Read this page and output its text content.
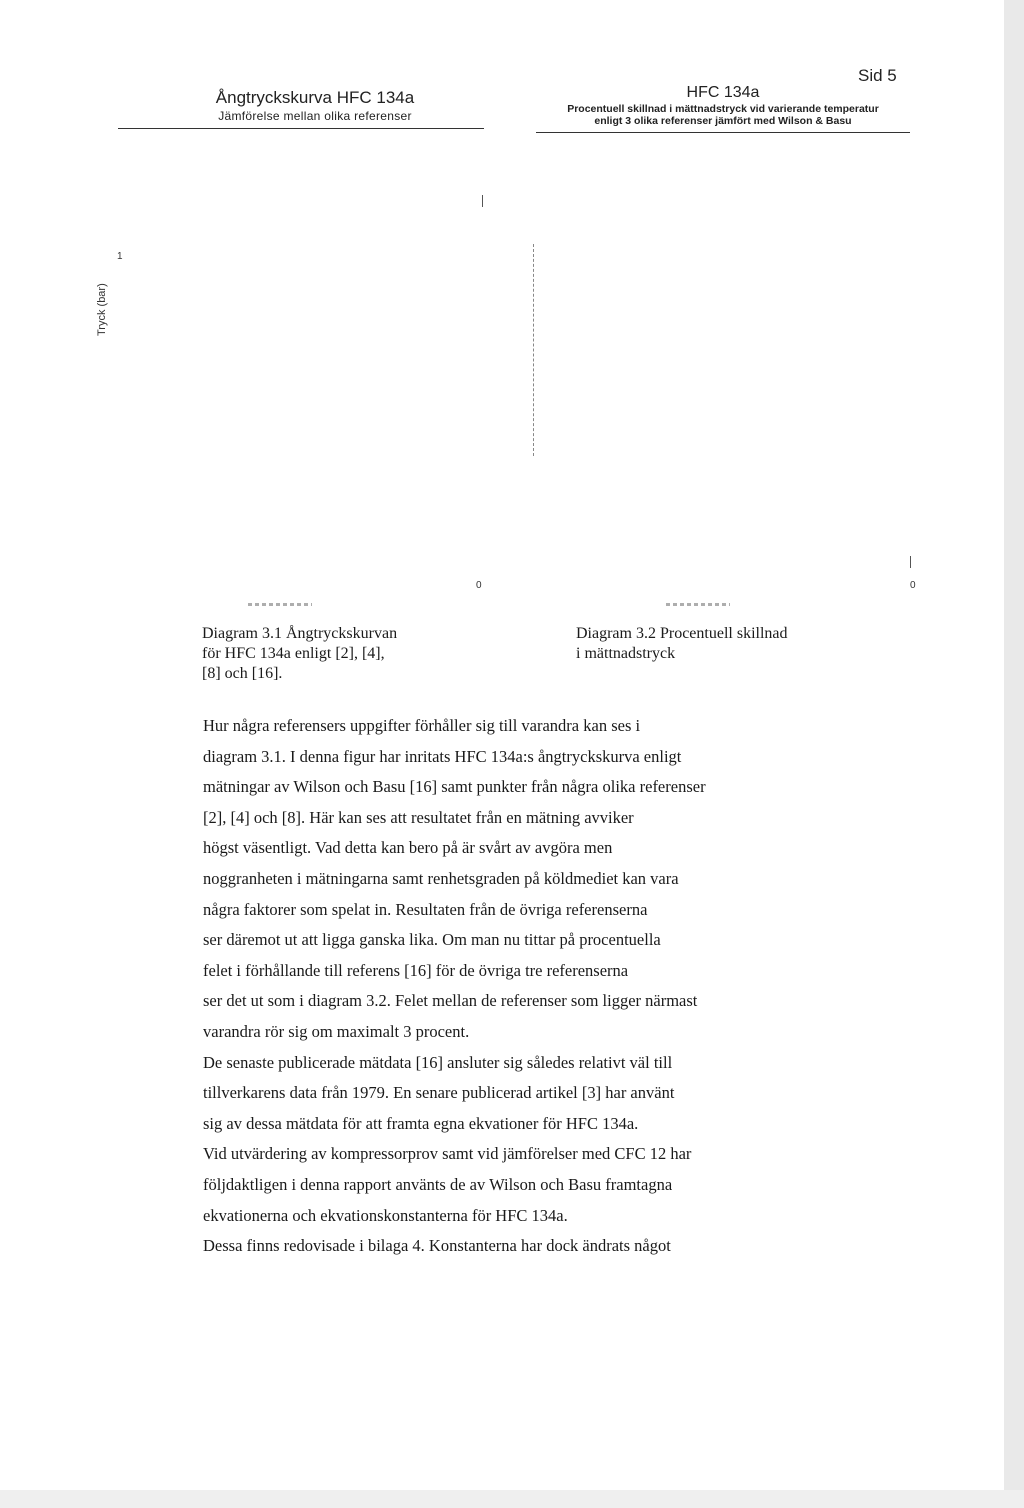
Sid 5
Ångtryckskurva HFC 134a
Jämförelse mellan olika referenser
Tryck (bar)
1
0
HFC 134a
Procentuell skillnad i mättnadstryck vid varierande temperatur
enligt 3 olika referenser jämfört med Wilson & Basu
0
Diagram 3.1 Ångtryckskurvan
för HFC 134a enligt [2], [4],
[8] och [16].
Diagram 3.2 Procentuell skillnad
i mättnadstryck
Hur några referensers uppgifter förhåller sig till varandra kan ses i
diagram 3.1. I denna figur har inritats HFC 134a:s ångtryckskurva enligt
mätningar av Wilson och Basu [16] samt punkter från några olika referenser
[2], [4] och [8]. Här kan ses att resultatet från en mätning avviker
högst väsentligt. Vad detta kan bero på är svårt av avgöra men
noggranheten i mätningarna samt renhetsgraden på köldmediet kan vara
några faktorer som spelat in. Resultaten från de övriga referenserna
ser däremot ut att ligga ganska lika. Om man nu tittar på procentuella
felet i förhållande till referens [16] för de övriga tre referenserna
ser det ut som i diagram 3.2. Felet mellan de referenser som ligger närmast
varandra rör sig om maximalt 3 procent.
De senaste publicerade mätdata [16] ansluter sig således relativt väl till
tillverkarens data från 1979. En senare publicerad artikel [3] har använt
sig av dessa mätdata för att framta egna ekvationer för HFC 134a.
Vid utvärdering av kompressorprov samt vid jämförelser med CFC 12 har
följdaktligen i denna rapport använts de av Wilson och Basu framtagna
ekvationerna och ekvationskonstanterna för HFC 134a.
Dessa finns redovisade i bilaga 4. Konstanterna har dock ändrats något
